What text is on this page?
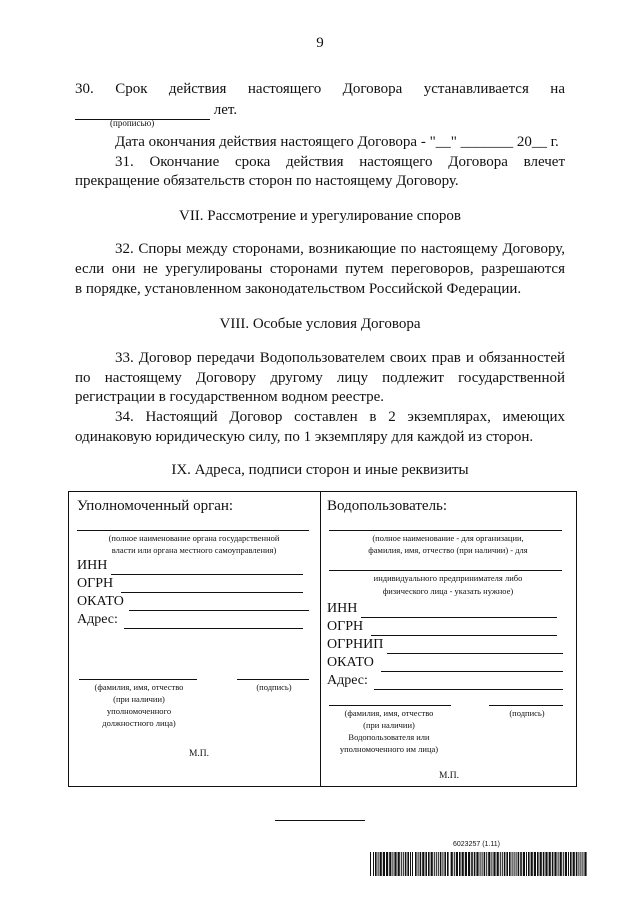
9
30. Срок действия настоящего Договора устанавливается на
лет.
(прописью)
Дата окончания действия настоящего Договора - "__" _______ 20__ г.
31. Окончание срока действия настоящего Договора влечет
прекращение обязательств сторон по настоящему Договору.
VII. Рассмотрение и урегулирование споров
32. Споры между сторонами, возникающие по настоящему Договору,
если они не урегулированы сторонами путем переговоров, разрешаются
в порядке, установленном законодательством Российской Федерации.
VIII. Особые условия Договора
33. Договор передачи Водопользователем своих прав и обязанностей
по настоящему Договору другому лицу подлежит государственной
регистрации в государственном водном реестре.
34. Настоящий Договор составлен в 2 экземплярах, имеющих
одинаковую юридическую силу, по 1 экземпляру для каждой из сторон.
IX. Адреса, подписи сторон и иные реквизиты
Уполномоченный орган:
(полное наименование органа государственной
власти или органа местного самоуправления)
ИНН
ОГРН
ОКАТО
Адрес:
(фамилия, имя, отчество	(подпись)
(при наличии)
уполномоченного
должностного лица)
М.П.
Водопользователь:
(полное наименование - для организации,
фамилия, имя, отчество (при наличии) - для
индивидуального предпринимателя либо
физического лица - указать нужное)
ИНН
ОГРН
ОГРНИП
ОКАТО
Адрес:
(фамилия, имя, отчество	(подпись)
(при наличии)
Водопользователя или
уполномоченного им лица)
М.П.
6023257 (1.11)
